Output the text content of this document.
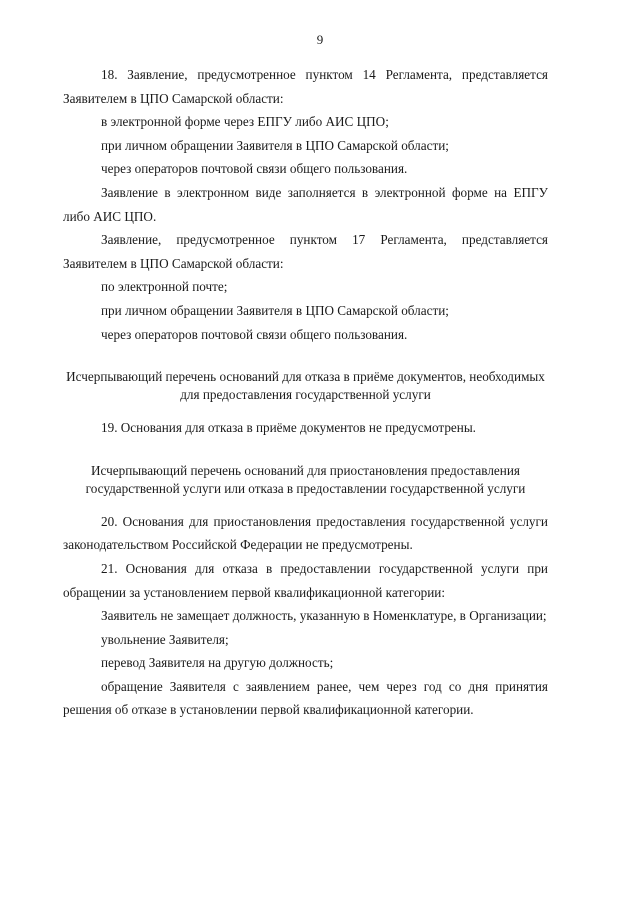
9

18. Заявление, предусмотренное пунктом 14 Регламента, представляется Заявителем в ЦПО Самарской области:

в электронной форме через ЕПГУ либо АИС ЦПО;

при личном обращении Заявителя в ЦПО Самарской области;

через операторов почтовой связи общего пользования.

Заявление в электронном виде заполняется в электронной форме на ЕПГУ либо АИС ЦПО.

Заявление, предусмотренное пунктом 17 Регламента, представляется Заявителем в ЦПО Самарской области:

по электронной почте;

при личном обращении Заявителя в ЦПО Самарской области;

через операторов почтовой связи общего пользования.

Исчерпывающий перечень оснований для отказа в приёме документов, необходимых для предоставления государственной услуги

19. Основания для отказа в приёме документов не предусмотрены.

Исчерпывающий перечень оснований для приостановления предоставления государственной услуги или отказа в предоставлении государственной услуги

20. Основания для приостановления предоставления государственной услуги законодательством Российской Федерации не предусмотрены.

21. Основания для отказа в предоставлении государственной услуги при обращении за установлением первой квалификационной категории:

Заявитель не замещает должность, указанную в Номенклатуре, в Организации;

увольнение Заявителя;

перевод Заявителя на другую должность;

обращение Заявителя с заявлением ранее, чем через год со дня принятия решения об отказе в установлении первой квалификационной категории.
